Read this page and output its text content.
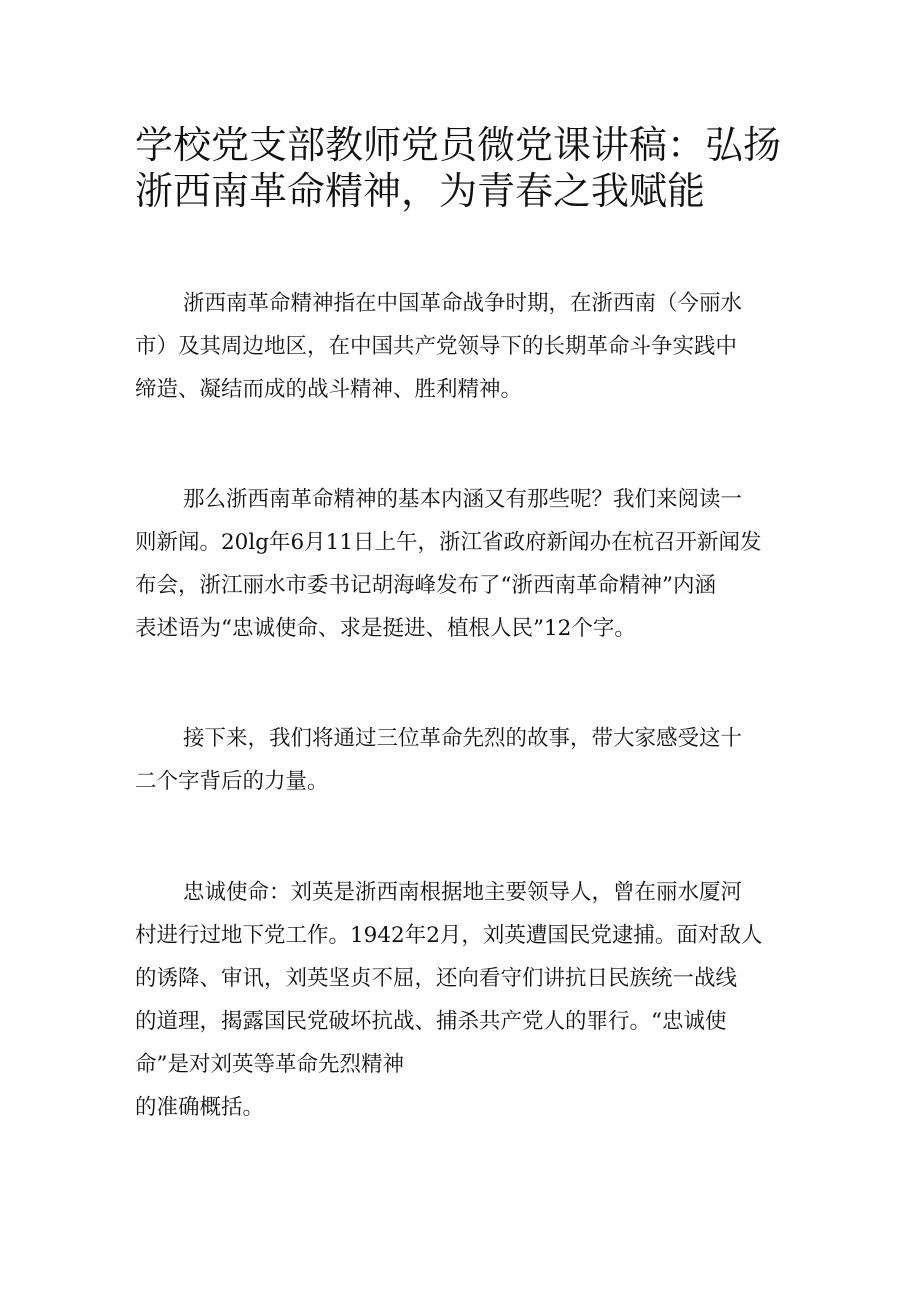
学校党支部教师党员微党课讲稿：弘扬
浙西南革命精神，为青春之我赋能
浙西南革命精神指在中国革命战争时期，在浙西南（今丽水
市）及其周边地区，在中国共产党领导下的长期革命斗争实践中
缔造、凝结而成的战斗精神、胜利精神。
那么浙西南革命精神的基本内涵又有那些呢？我们来阅读一
则新闻。20lg年6月11日上午，浙江省政府新闻办在杭召开新闻发
布会，浙江丽水市委书记胡海峰发布了“浙西南革命精神”内涵
表述语为“忠诚使命、求是挺进、植根人民”12个字。
接下来，我们将通过三位革命先烈的故事，带大家感受这十
二个字背后的力量。
忠诚使命：刘英是浙西南根据地主要领导人，曾在丽水厦河
村进行过地下党工作。1942年2月，刘英遭国民党逮捕。面对敌人
的诱降、审讯，刘英坚贞不屈，还向看守们讲抗日民族统一战线
的道理，揭露国民党破坏抗战、捕杀共产党人的罪行。“忠诚使
命”是对刘英等革命先烈精神
的准确概括。
